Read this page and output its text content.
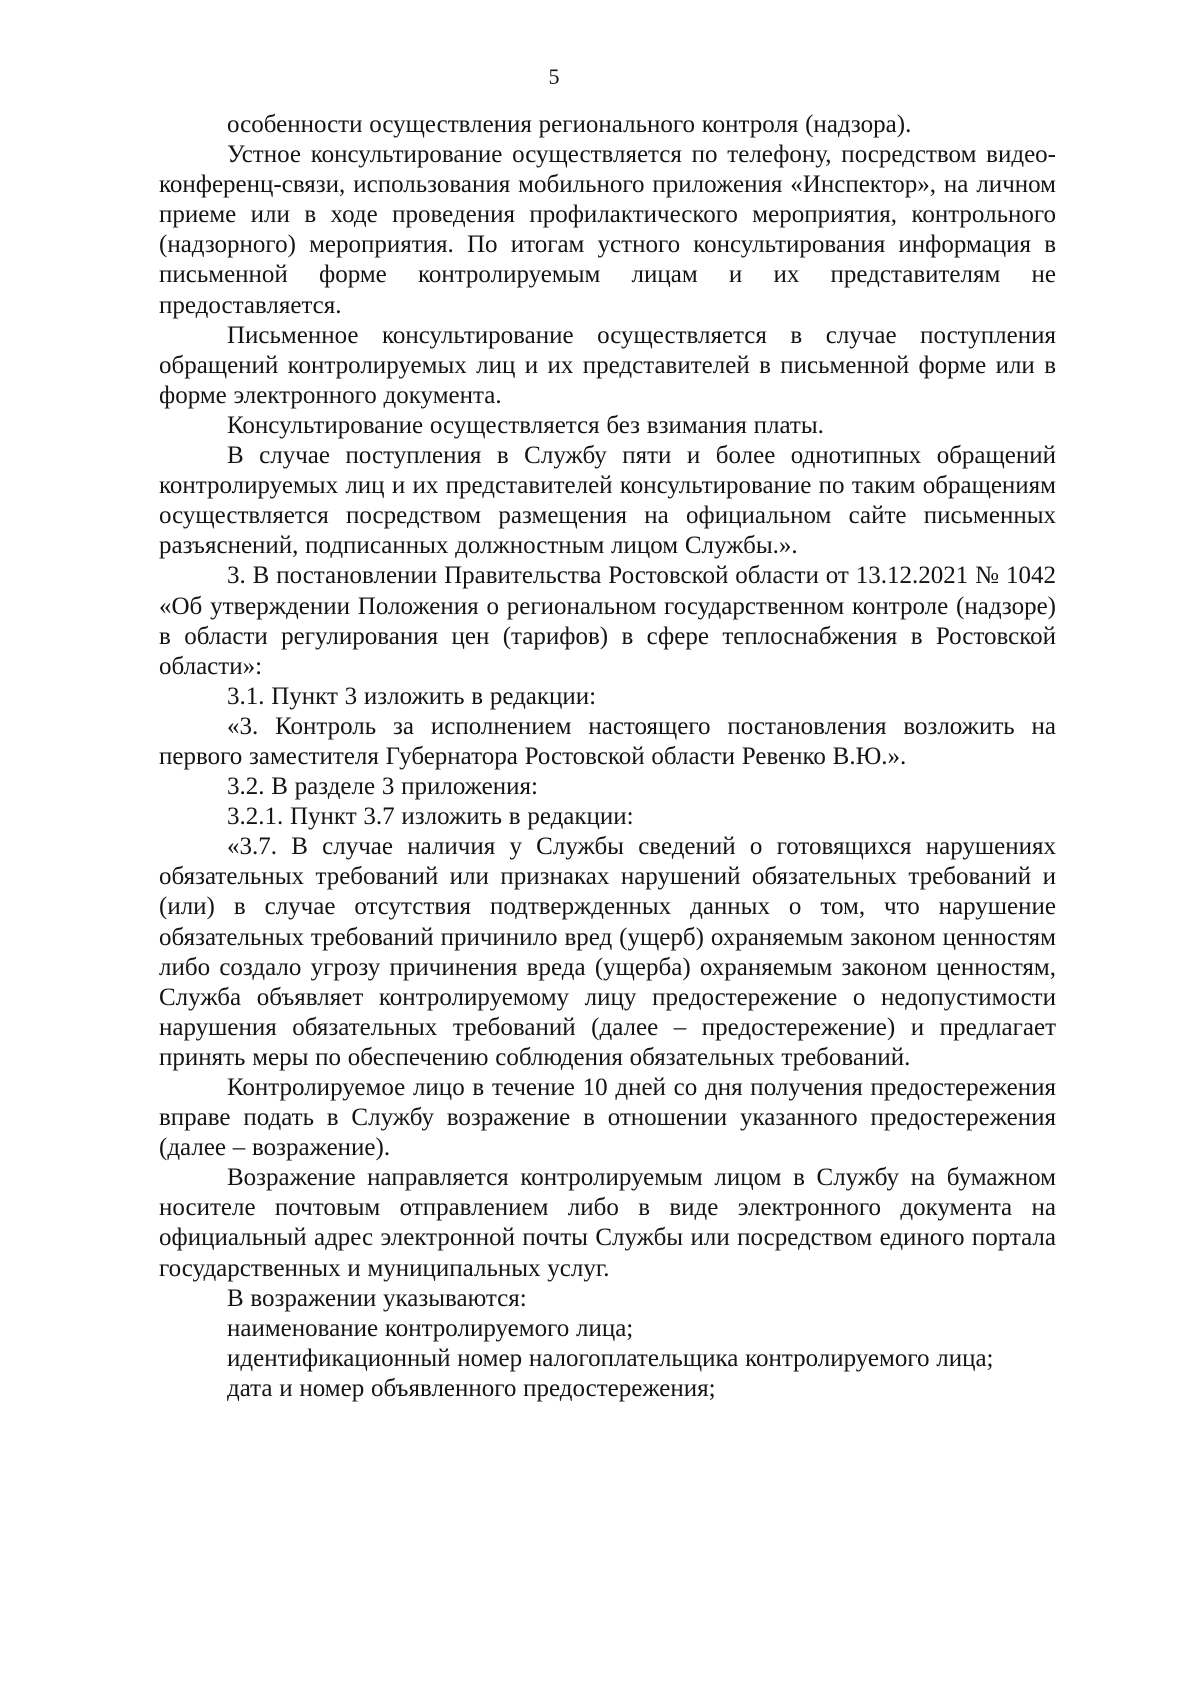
5

особенности осуществления регионального контроля (надзора).

Устное консультирование осуществляется по телефону, посредством видео-конференц-связи, использования мобильного приложения «Инспектор», на личном приеме или в ходе проведения профилактического мероприятия, контрольного (надзорного) мероприятия. По итогам устного консультирования информация в письменной форме контролируемым лицам и их представителям не предоставляется.

Письменное консультирование осуществляется в случае поступления обращений контролируемых лиц и их представителей в письменной форме или в форме электронного документа.

Консультирование осуществляется без взимания платы.

В случае поступления в Службу пяти и более однотипных обращений контролируемых лиц и их представителей консультирование по таким обращениям осуществляется посредством размещения на официальном сайте письменных разъяснений, подписанных должностным лицом Службы.».

3. В постановлении Правительства Ростовской области от 13.12.2021 № 1042 «Об утверждении Положения о региональном государственном контроле (надзоре) в области регулирования цен (тарифов) в сфере теплоснабжения в Ростовской области»:

3.1. Пункт 3 изложить в редакции:

«3. Контроль за исполнением настоящего постановления возложить на первого заместителя Губернатора Ростовской области Ревенко В.Ю.».

3.2. В разделе 3 приложения:

3.2.1. Пункт 3.7 изложить в редакции:

«3.7. В случае наличия у Службы сведений о готовящихся нарушениях обязательных требований или признаках нарушений обязательных требований и (или) в случае отсутствия подтвержденных данных о том, что нарушение обязательных требований причинило вред (ущерб) охраняемым законом ценностям либо создало угрозу причинения вреда (ущерба) охраняемым законом ценностям, Служба объявляет контролируемому лицу предостережение о недопустимости нарушения обязательных требований (далее – предостережение) и предлагает принять меры по обеспечению соблюдения обязательных требований.

Контролируемое лицо в течение 10 дней со дня получения предостережения вправе подать в Службу возражение в отношении указанного предостережения (далее – возражение).

Возражение направляется контролируемым лицом в Службу на бумажном носителе почтовым отправлением либо в виде электронного документа на официальный адрес электронной почты Службы или посредством единого портала государственных и муниципальных услуг.

В возражении указываются:

наименование контролируемого лица;

идентификационный номер налогоплательщика контролируемого лица;

дата и номер объявленного предостережения;
